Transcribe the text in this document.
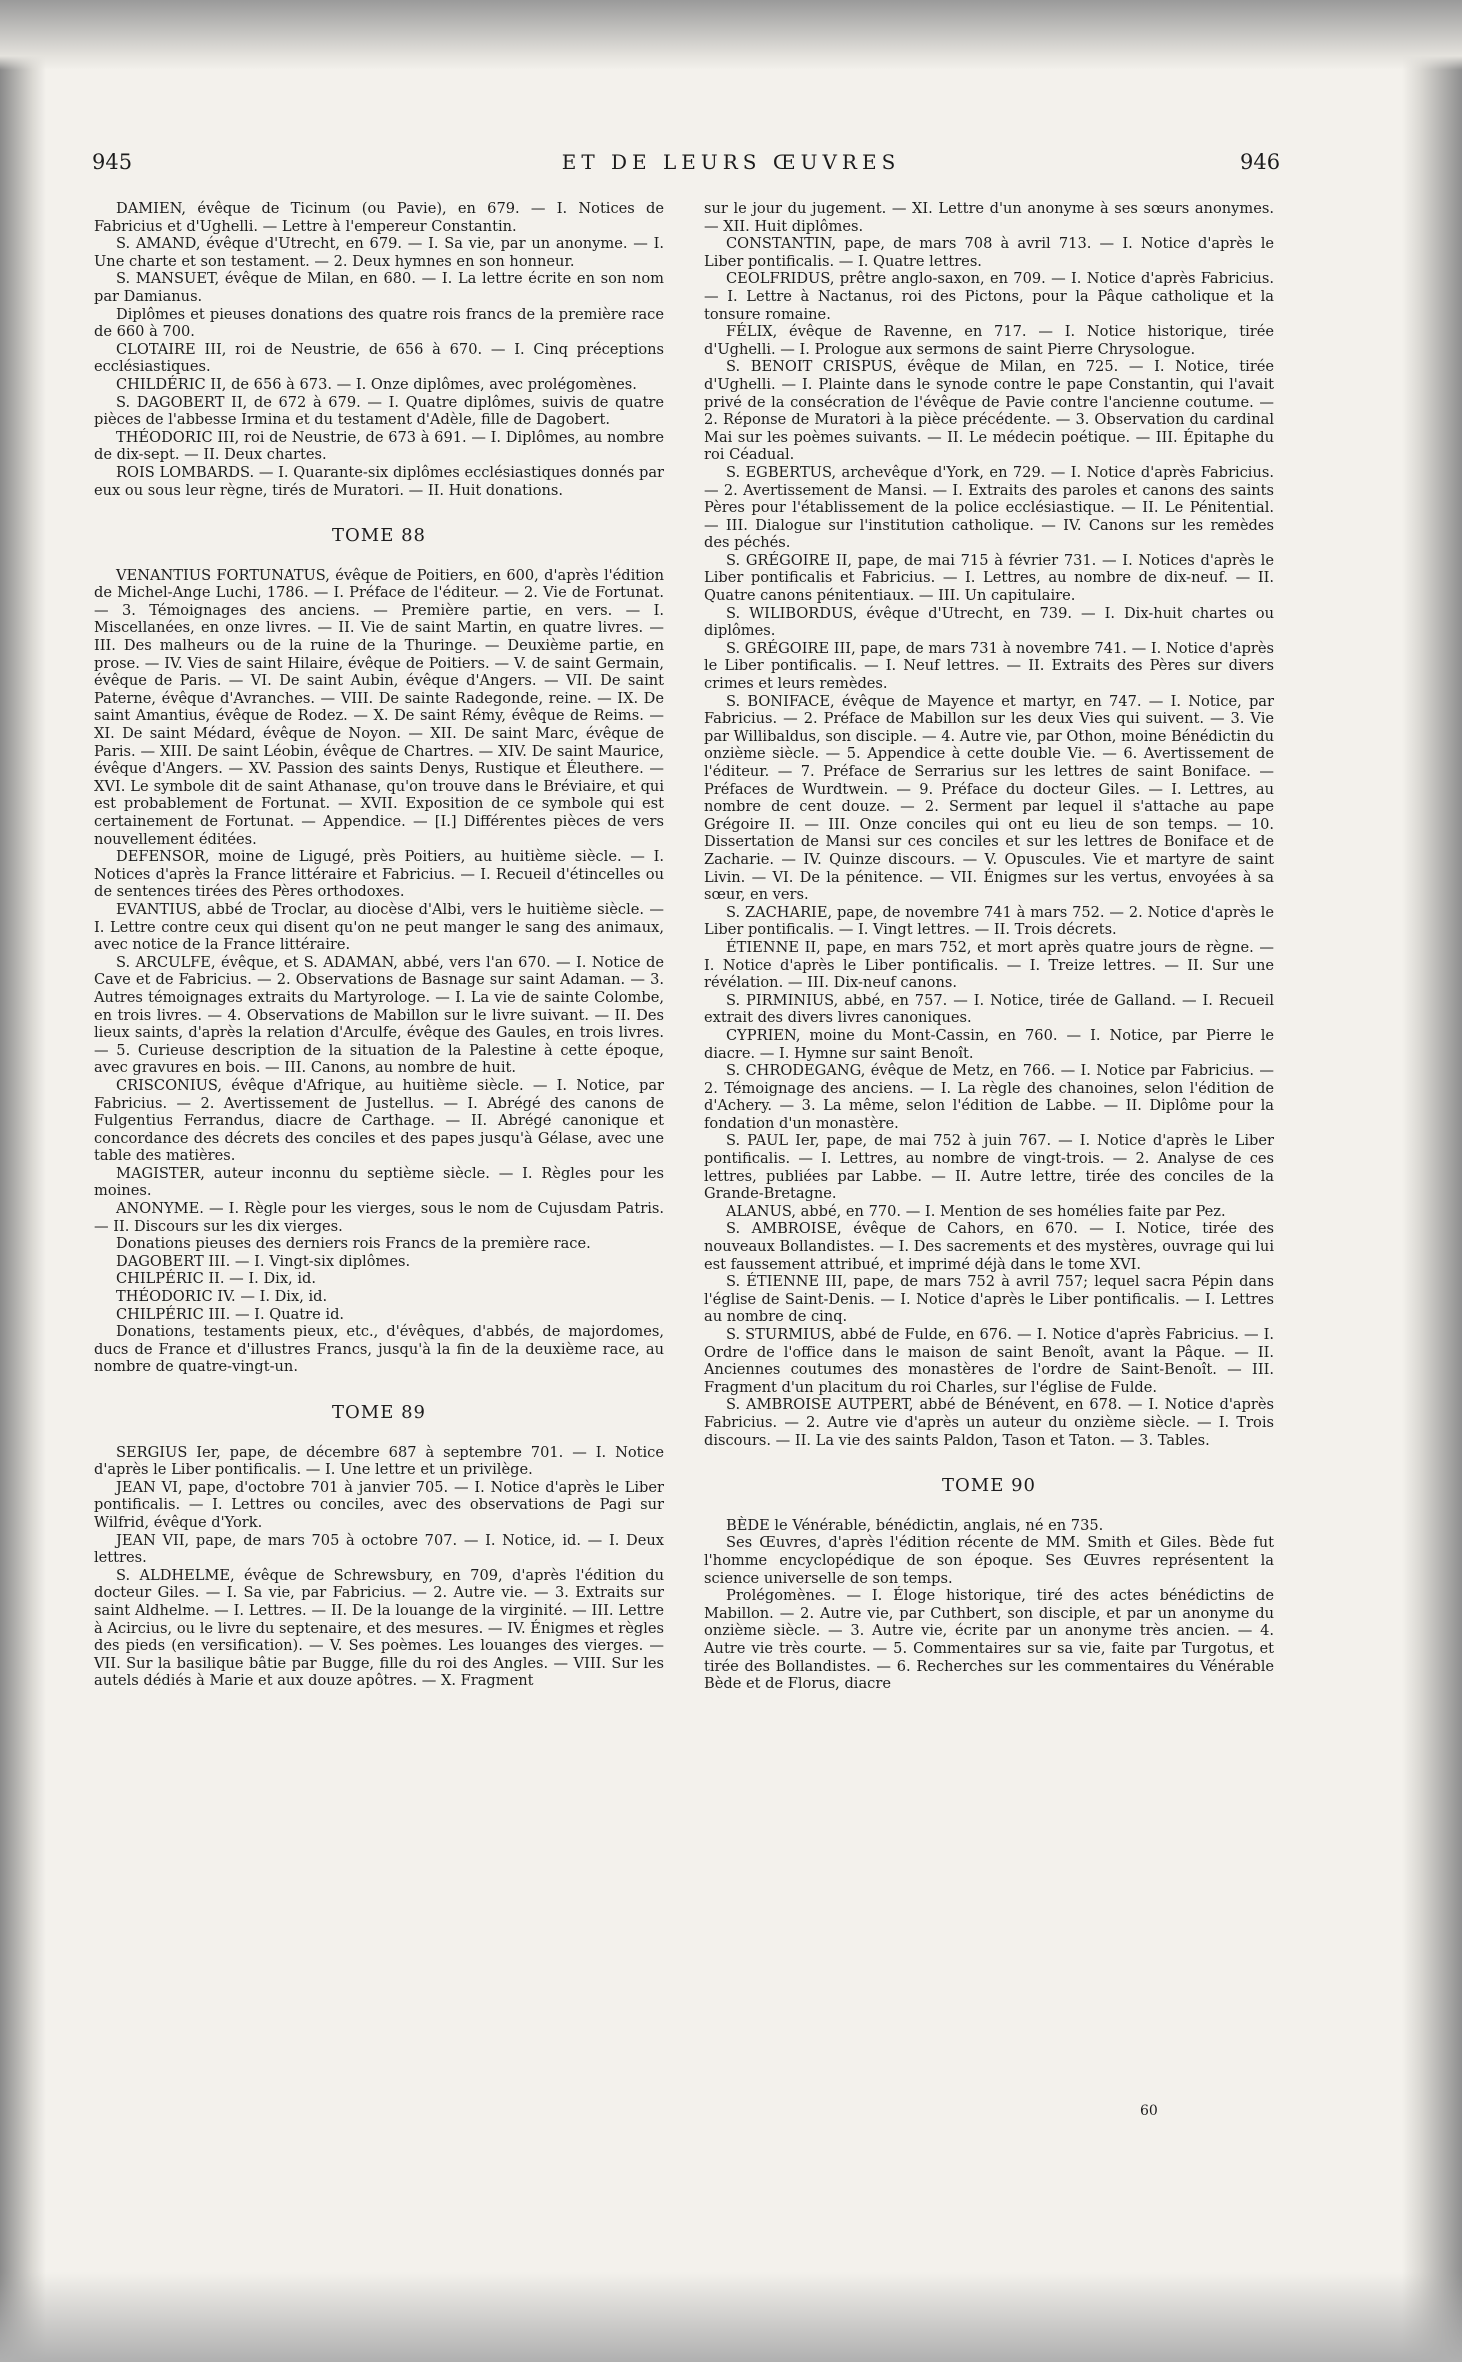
ET DE LEURS ŒUVRES
945	946

DAMIEN, évêque de Ticinum (ou Pavie), en 679. — I. Notices de Fabricius et d'Ughelli. — Lettre à l'empereur Constantin.

S. AMAND, évêque d'Utrecht, en 679. — I. Sa vie, par un anonyme. — I. Une charte et son testament. — 2. Deux hymnes en son honneur.

S. MANSUET, évêque de Milan, en 680. — I. La lettre écrite en son nom par Damianus.

Diplômes et pieuses donations des quatre rois francs de la première race de 660 à 700.

CLOTAIRE III, roi de Neustrie, de 656 à 670. — I. Cinq préceptions ecclésiastiques.

CHILDÉRIC II, de 656 à 673. — I. Onze diplômes, avec prolégomènes.

S. DAGOBERT II, de 672 à 679. — I. Quatre diplômes, suivis de quatre pièces de l'abbesse Irmina et du testament d'Adèle, fille de Dagobert.

THÉODORIC III, roi de Neustrie, de 673 à 691. — I. Diplômes, au nombre de dix-sept. — II. Deux chartes.

ROIS LOMBARDS. — I. Quarante-six diplômes ecclésiastiques donnés par eux ou sous leur règne, tirés de Muratori. — II. Huit donations.

TOME 88

VENANTIUS FORTUNATUS, évêque de Poitiers, en 600, d'après l'édition de Michel-Ange Luchi, 1786. — I. Préface de l'éditeur. — 2. Vie de Fortunat. — 3. Témoignages des anciens. — Première partie, en vers. — I. Miscellanées, en onze livres. — II. Vie de saint Martin, en quatre livres. — III. Des malheurs ou de la ruine de la Thuringe. — Deuxième partie, en prose. — IV. Vies de saint Hilaire, évêque de Poitiers. — V. de saint Germain, évêque de Paris. — VI. De saint Aubin, évêque d'Angers. — VII. De saint Paterne, évêque d'Avranches. — VIII. De sainte Radegonde, reine. — IX. De saint Amantius, évêque de Rodez. — X. De saint Rémy, évêque de Reims. — XI. De saint Médard, évêque de Noyon. — XII. De saint Marc, évêque de Paris. — XIII. De saint Léobin, évêque de Chartres. — XIV. De saint Maurice, évêque d'Angers. — XV. Passion des saints Denys, Rustique et Éleuthere. — XVI. Le symbole dit de saint Athanase, qu'on trouve dans le Bréviaire, et qui est probablement de Fortunat. — XVII. Exposition de ce symbole qui est certainement de Fortunat. — Appendice. — [I.] Différentes pièces de vers nouvellement éditées.

DEFENSOR, moine de Ligugé, près Poitiers, au huitième siècle. — I. Notices d'après la France littéraire et Fabricius. — I. Recueil d'étincelles ou de sentences tirées des Pères orthodoxes.

EVANTIUS, abbé de Troclar, au diocèse d'Albi, vers le huitième siècle. — I. Lettre contre ceux qui disent qu'on ne peut manger le sang des animaux, avec notice de la France littéraire.

S. ARCULFE, évêque, et S. ADAMAN, abbé, vers l'an 670. — I. Notice de Cave et de Fabricius. — 2. Observations de Basnage sur saint Adaman. — 3. Autres témoignages extraits du Martyrologe. — I. La vie de sainte Colombe, en trois livres. — 4. Observations de Mabillon sur le livre suivant. — II. Des lieux saints, d'après la relation d'Arculfe, évêque des Gaules, en trois livres. — 5. Curieuse description de la situation de la Palestine à cette époque, avec gravures en bois. — III. Canons, au nombre de huit.

CRISCONIUS, évêque d'Afrique, au huitième siècle. — I. Notice, par Fabricius. — 2. Avertissement de Justellus. — I. Abrégé des canons de Fulgentius Ferrandus, diacre de Carthage. — II. Abrégé canonique et concordance des décrets des conciles et des papes jusqu'à Gélase, avec une table des matières.

MAGISTER, auteur inconnu du septième siècle. — I. Règles pour les moines.

ANONYME. — I. Règle pour les vierges, sous le nom de Cujusdam Patris. — II. Discours sur les dix vierges.

Donations pieuses des derniers rois Francs de la première race.

DAGOBERT III. — I. Vingt-six diplômes.

CHILPÉRIC II. — I. Dix, id.

THÉODORIC IV. — I. Dix, id.

CHILPÉRIC III. — I. Quatre id.

Donations, testaments pieux, etc., d'évêques, d'abbés, de majordomes, ducs de France et d'illustres Francs, jusqu'à la fin de la deuxième race, au nombre de quatre-vingt-un.

TOME 89

SERGIUS Ier, pape, de décembre 687 à septembre 701. — I. Notice d'après le Liber pontificalis. — I. Une lettre et un privilège.

JEAN VI, pape, d'octobre 701 à janvier 705. — I. Notice d'après le Liber pontificalis. — I. Lettres ou conciles, avec des observations de Pagi sur Wilfrid, évêque d'York.

JEAN VII, pape, de mars 705 à octobre 707. — I. Notice, id. — I. Deux lettres.

S. ALDHELME, évêque de Schrewsbury, en 709, d'après l'édition du docteur Giles. — I. Sa vie, par Fabricius. — 2. Autre vie. — 3. Extraits sur saint Aldhelme. — I. Lettres. — II. De la louange de la virginité. — III. Lettre à Acircius, ou le livre du septenaire, et des mesures. — IV. Énigmes et règles des pieds (en versification). — V. Ses poèmes. Les louanges des vierges. — VII. Sur la basilique bâtie par Bugge, fille du roi des Angles. — VIII. Sur les autels dédiés à Marie et aux douze apôtres. — X. Fragment

sur le jour du jugement. — XI. Lettre d'un anonyme à ses sœurs anonymes. — XII. Huit diplômes.

CONSTANTIN, pape, de mars 708 à avril 713. — I. Notice d'après le Liber pontificalis. — I. Quatre lettres.

CEOLFRIDUS, prêtre anglo-saxon, en 709. — I. Notice d'après Fabricius. — I. Lettre à Nactanus, roi des Pictons, pour la Pâque catholique et la tonsure romaine.

FÉLIX, évêque de Ravenne, en 717. — I. Notice historique, tirée d'Ughelli. — I. Prologue aux sermons de saint Pierre Chrysologue.

S. BENOIT CRISPUS, évêque de Milan, en 725. — I. Notice, tirée d'Ughelli. — I. Plainte dans le synode contre le pape Constantin, qui l'avait privé de la consécration de l'évêque de Pavie contre l'ancienne coutume. — 2. Réponse de Muratori à la pièce précédente. — 3. Observation du cardinal Mai sur les poèmes suivants. — II. Le médecin poétique. — III. Épitaphe du roi Céadual.

S. EGBERTUS, archevêque d'York, en 729. — I. Notice d'après Fabricius. — 2. Avertissement de Mansi. — I. Extraits des paroles et canons des saints Pères pour l'établissement de la police ecclésiastique. — II. Le Pénitential. — III. Dialogue sur l'institution catholique. — IV. Canons sur les remèdes des péchés.

S. GRÉGOIRE II, pape, de mai 715 à février 731. — I. Notices d'après le Liber pontificalis et Fabricius. — I. Lettres, au nombre de dix-neuf. — II. Quatre canons pénitentiaux. — III. Un capitulaire.

S. WILIBORDUS, évêque d'Utrecht, en 739. — I. Dix-huit chartes ou diplômes.

S. GRÉGOIRE III, pape, de mars 731 à novembre 741. — I. Notice d'après le Liber pontificalis. — I. Neuf lettres. — II. Extraits des Pères sur divers crimes et leurs remèdes.

S. BONIFACE, évêque de Mayence et martyr, en 747. — I. Notice, par Fabricius. — 2. Préface de Mabillon sur les deux Vies qui suivent. — 3. Vie par Willibaldus, son disciple. — 4. Autre vie, par Othon, moine Bénédictin du onzième siècle. — 5. Appendice à cette double Vie. — 6. Avertissement de l'éditeur. — 7. Préface de Serrarius sur les lettres de saint Boniface. — Préfaces de Wurdtwein. — 9. Préface du docteur Giles. — I. Lettres, au nombre de cent douze. — 2. Serment par lequel il s'attache au pape Grégoire II. — III. Onze conciles qui ont eu lieu de son temps. — 10. Dissertation de Mansi sur ces conciles et sur les lettres de Boniface et de Zacharie. — IV. Quinze discours. — V. Opuscules. Vie et martyre de saint Livin. — VI. De la pénitence. — VII. Énigmes sur les vertus, envoyées à sa sœur, en vers.

S. ZACHARIE, pape, de novembre 741 à mars 752. — 2. Notice d'après le Liber pontificalis. — I. Vingt lettres. — II. Trois décrets.

ÉTIENNE II, pape, en mars 752, et mort après quatre jours de règne. — I. Notice d'après le Liber pontificalis. — I. Treize lettres. — II. Sur une révélation. — III. Dix-neuf canons.

S. PIRMINIUS, abbé, en 757. — I. Notice, tirée de Galland. — I. Recueil extrait des divers livres canoniques.

CYPRIEN, moine du Mont-Cassin, en 760. — I. Notice, par Pierre le diacre. — I. Hymne sur saint Benoît.

S. CHRODEGANG, évêque de Metz, en 766. — I. Notice par Fabricius. — 2. Témoignage des anciens. — I. La règle des chanoines, selon l'édition de d'Achery. — 3. La même, selon l'édition de Labbe. — II. Diplôme pour la fondation d'un monastère.

S. PAUL Ier, pape, de mai 752 à juin 767. — I. Notice d'après le Liber pontificalis. — I. Lettres, au nombre de vingt-trois. — 2. Analyse de ces lettres, publiées par Labbe. — II. Autre lettre, tirée des conciles de la Grande-Bretagne.

ALANUS, abbé, en 770. — I. Mention de ses homélies faite par Pez.

S. AMBROISE, évêque de Cahors, en 670. — I. Notice, tirée des nouveaux Bollandistes. — I. Des sacrements et des mystères, ouvrage qui lui est faussement attribué, et imprimé déjà dans le tome XVI.

S. ÉTIENNE III, pape, de mars 752 à avril 757; lequel sacra Pépin dans l'église de Saint-Denis. — I. Notice d'après le Liber pontificalis. — I. Lettres au nombre de cinq.

S. STURMIUS, abbé de Fulde, en 676. — I. Notice d'après Fabricius. — I. Ordre de l'office dans le maison de saint Benoît, avant la Pâque. — II. Anciennes coutumes des monastères de l'ordre de Saint-Benoît. — III. Fragment d'un placitum du roi Charles, sur l'église de Fulde.

S. AMBROISE AUTPERT, abbé de Bénévent, en 678. — I. Notice d'après Fabricius. — 2. Autre vie d'après un auteur du onzième siècle. — I. Trois discours. — II. La vie des saints Paldon, Tason et Taton. — 3. Tables.

TOME 90

BÈDE le Vénérable, bénédictin, anglais, né en 735.

Ses Œuvres, d'après l'édition récente de MM. Smith et Giles. Bède fut l'homme encyclopédique de son époque. Ses Œuvres représentent la science universelle de son temps.

Prolégomènes. — I. Éloge historique, tiré des actes bénédictins de Mabillon. — 2. Autre vie, par Cuthbert, son disciple, et par un anonyme du onzième siècle. — 3. Autre vie, écrite par un anonyme très ancien. — 4. Autre vie très courte. — 5. Commentaires sur sa vie, faite par Turgotus, et tirée des Bollandistes. — 6. Recherches sur les commentaires du Vénérable Bède et de Florus, diacre

60
